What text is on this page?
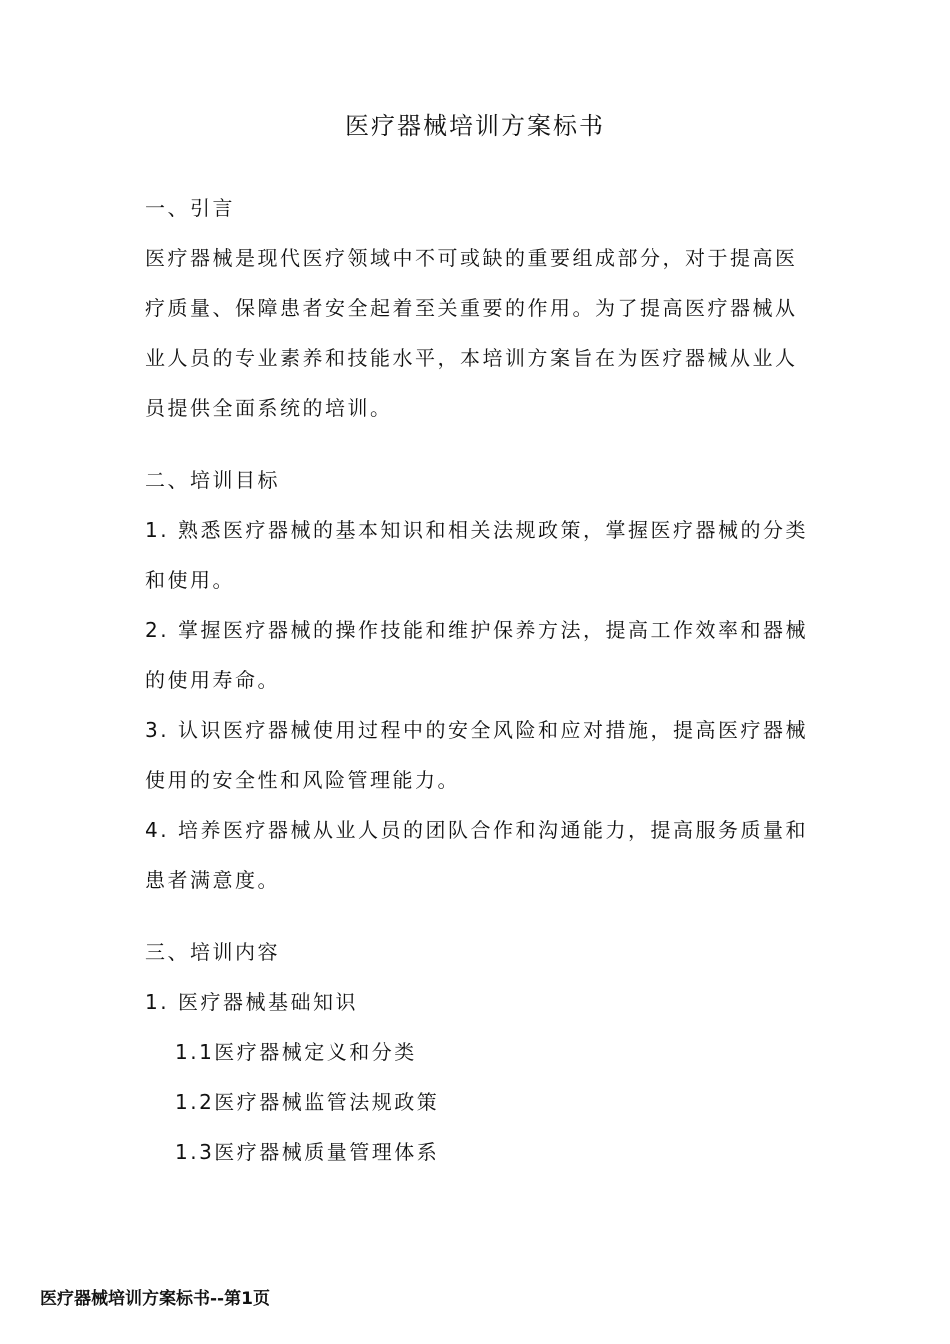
医疗器械培训方案标书
一、引言
医疗器械是现代医疗领域中不可或缺的重要组成部分，对于提高医
疗质量、保障患者安全起着至关重要的作用。为了提高医疗器械从
业人员的专业素养和技能水平，本培训方案旨在为医疗器械从业人
员提供全面系统的培训。
二、培训目标
1. 熟悉医疗器械的基本知识和相关法规政策，掌握医疗器械的分类
和使用。
2. 掌握医疗器械的操作技能和维护保养方法，提高工作效率和器械
的使用寿命。
3. 认识医疗器械使用过程中的安全风险和应对措施，提高医疗器械
使用的安全性和风险管理能力。
4. 培养医疗器械从业人员的团队合作和沟通能力，提高服务质量和
患者满意度。
三、培训内容
1. 医疗器械基础知识
1.1医疗器械定义和分类
1.2医疗器械监管法规政策
1.3医疗器械质量管理体系
医疗器械培训方案标书--第1页
